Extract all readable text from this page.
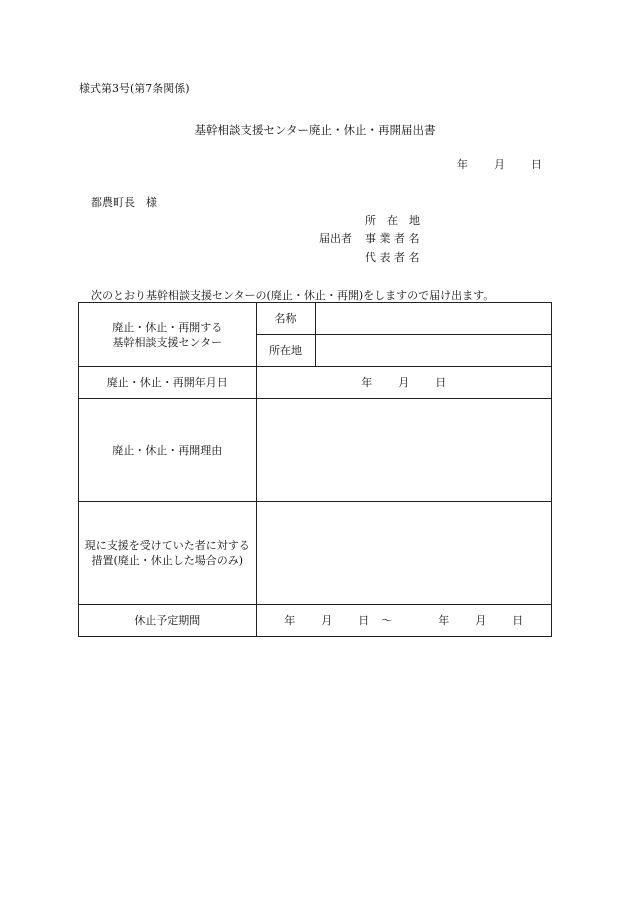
様式第3号(第7条関係)
基幹相談支援センター廃止・休止・再開届出書
年 月 日
都農町長　様
所　在　地
届出者 事 業 者 名
代 表 者 名
次のとおり基幹相談支援センターの(廃止・休止・再開)をしますので届け出ます。
廃止・休止・再開する
基幹相談支援センター	名称	
	所在地	
廃止・休止・再開年月日	年 月 日	
廃止・休止・再開理由		

現に支援を受けていた者に対する
措置(廃止・休止した場合のみ)		

休止予定期間	年 月 日 〜 年 月 日	
